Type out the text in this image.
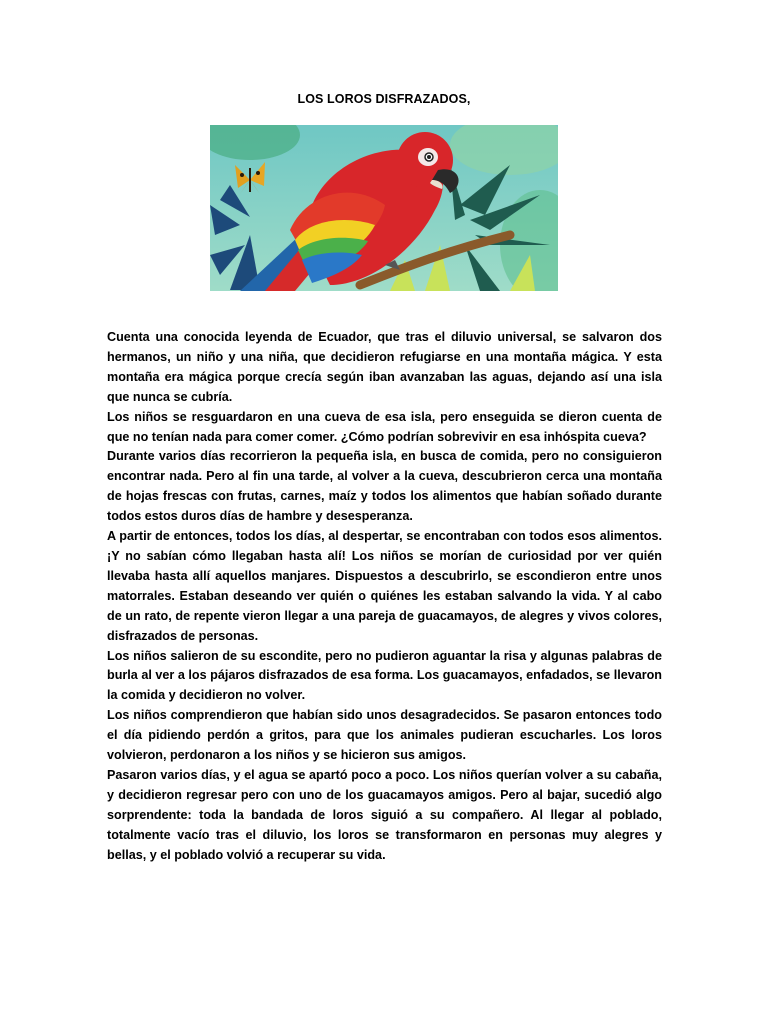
LOS LOROS DISFRAZADOS,

Cuenta una conocida leyenda de Ecuador, que tras el diluvio universal, se salvaron dos hermanos, un niño y una niña, que decidieron refugiarse en una montaña mágica. Y esta montaña era mágica porque crecía según iban avanzaban las aguas, dejando así una isla que nunca se cubría.

Los niños se resguardaron en una cueva de esa isla, pero enseguida se dieron cuenta de que no tenían nada para comer comer. ¿Cómo podrían sobrevivir en esa inhóspita cueva?

Durante varios días recorrieron la pequeña isla, en busca de comida, pero no consiguieron encontrar nada. Pero al fin una tarde, al volver a la cueva, descubrieron cerca una montaña de hojas frescas con frutas, carnes, maíz y todos los alimentos que habían soñado durante todos estos duros días de hambre y desesperanza.

A partir de entonces, todos los días, al despertar, se encontraban con todos esos alimentos. ¡Y no sabían cómo llegaban hasta alí! Los niños se morían de curiosidad por ver quién llevaba hasta allí aquellos manjares. Dispuestos a descubrirlo, se escondieron entre unos matorrales. Estaban deseando ver quién o quiénes les estaban salvando la vida. Y al cabo de un rato, de repente vieron llegar a una pareja de guacamayos, de alegres y vivos colores, disfrazados de personas.

Los niños salieron de su escondite, pero no pudieron aguantar la risa y algunas palabras de burla al ver a los pájaros disfrazados de esa forma. Los guacamayos, enfadados, se llevaron la comida y decidieron no volver.

Los niños comprendieron que habían sido unos desagradecidos. Se pasaron entonces todo el día pidiendo perdón a gritos, para que los animales pudieran escucharles. Los loros volvieron, perdonaron a los niños y se hicieron sus amigos.

Pasaron varios días, y el agua se apartó poco a poco. Los niños querían volver a su cabaña, y decidieron regresar pero con uno de los guacamayos amigos. Pero al bajar, sucedió algo sorprendente: toda la bandada de loros siguió a su compañero. Al llegar al poblado, totalmente vacío tras el diluvio, los loros se transformaron en personas muy alegres y bellas, y el poblado volvió a recuperar su vida.
